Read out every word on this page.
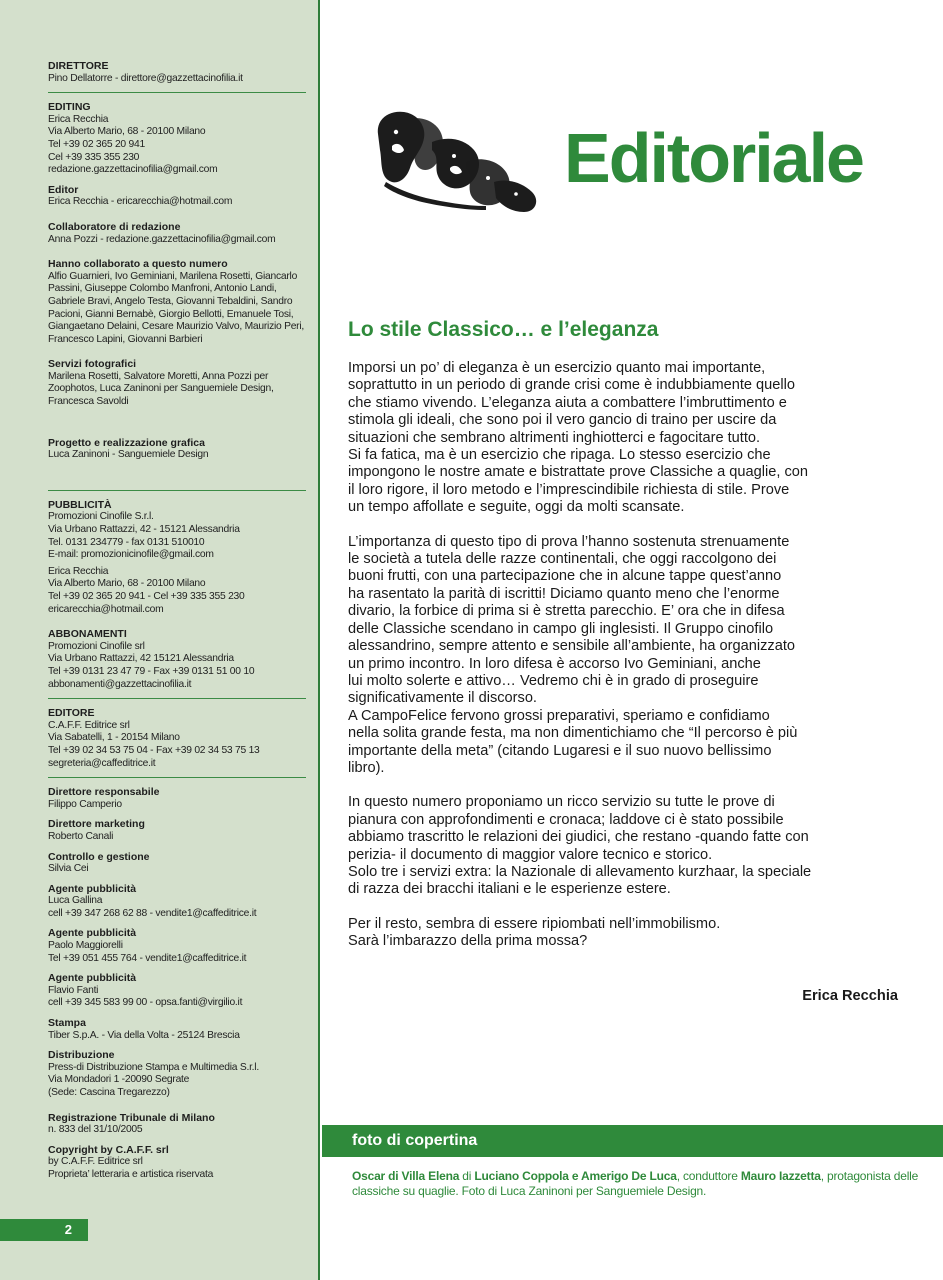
DIRETTORE
Pino Dellatorre - direttore@gazzettacinofilia.it
EDITING
Erica Recchia
Via Alberto Mario, 68 - 20100 Milano
Tel +39 02 365 20 941
Cel +39 335 355 230
redazione.gazzettacinofilia@gmail.com
Editor
Erica Recchia - ericarecchia@hotmail.com
Collaboratore di redazione
Anna Pozzi - redazione.gazzettacinofilia@gmail.com
Hanno collaborato a questo numero
Alfio Guarnieri, Ivo Geminiani, Marilena Rosetti, Giancarlo Passini, Giuseppe Colombo Manfroni, Antonio Landi, Gabriele Bravi, Angelo Testa, Giovanni Tebaldini, Sandro Pacioni, Gianni Bernabè, Giorgio Bellotti, Emanuele Tosi, Giangaetano Delaini, Cesare Maurizio Valvo, Maurizio Peri, Francesco Lapini, Giovanni Barbieri
Servizi fotografici
Marilena Rosetti, Salvatore Moretti, Anna Pozzi per Zoophotos, Luca Zaninoni per Sanguemiele Design, Francesca Savoldi
Progetto e realizzazione grafica
Luca Zaninoni - Sanguemiele Design
PUBBLICITÀ
Promozioni Cinofile S.r.l.
Via Urbano Rattazzi, 42 - 15121 Alessandria
Tel. 0131 234779 - fax 0131 510010
E-mail: promozionicinofile@gmail.com
Erica Recchia
Via Alberto Mario, 68 - 20100 Milano
Tel +39 02 365 20 941 - Cel +39 335 355 230
ericarecchia@hotmail.com
ABBONAMENTI
Promozioni Cinofile srl
Via Urbano Rattazzi, 42 15121 Alessandria
Tel +39 0131 23 47 79 - Fax +39 0131 51 00 10
abbonamenti@gazzettacinofilia.it
EDITORE
C.A.F.F. Editrice srl
Via Sabatelli, 1 - 20154 Milano
Tel +39 02 34 53 75 04 - Fax +39 02 34 53 75 13
segreteria@caffeditrice.it
Direttore responsabile
Filippo Camperio
Direttore marketing
Roberto Canali
Controllo e gestione
Silvia Cei
Agente pubblicità
Luca Gallina
cell +39 347 268 62 88 - vendite1@caffeditrice.it
Agente pubblicità
Paolo Maggiorelli
Tel +39 051 455 764 - vendite1@caffeditrice.it
Agente pubblicità
Flavio Fanti
cell +39 345 583 99 00 - opsa.fanti@virgilio.it
Stampa
Tiber S.p.A. - Via della Volta - 25124 Brescia
Distribuzione
Press-di Distribuzione Stampa e Multimedia S.r.l.
Via Mondadori 1 -20090 Segrate
(Sede: Cascina Tregarezzo)
Registrazione Tribunale di Milano
n. 833 del 31/10/2005
Copyright by C.A.F.F. srl
by C.A.F.F. Editrice srl
Proprieta’ letteraria e artistica riservata
2
Editoriale
Lo stile Classico… e l’eleganza

Imporsi un po’ di eleganza è un esercizio quanto mai importante,
soprattutto in un periodo di grande crisi come è indubbiamente quello
che stiamo vivendo. L’eleganza aiuta a combattere l’imbruttimento e
stimola gli ideali, che sono poi il vero gancio di traino per uscire da
situazioni che sembrano altrimenti inghiotterci e fagocitare tutto.
Si fa fatica, ma è un esercizio che ripaga. Lo stesso esercizio che
impongono le nostre amate e bistrattate prove Classiche a quaglie, con
il loro rigore, il loro metodo e l’imprescindibile richiesta di stile. Prove
un tempo affollate e seguite, oggi da molti scansate.

L’importanza di questo tipo di prova l’hanno sostenuta strenuamente
le società a tutela delle razze continentali, che oggi raccolgono dei
buoni frutti, con una partecipazione che in alcune tappe quest’anno
ha rasentato la parità di iscritti! Diciamo quanto meno che l’enorme
divario, la forbice di prima si è stretta parecchio. E’ ora che in difesa
delle Classiche scendano in campo gli inglesisti. Il Gruppo cinofilo
alessandrino, sempre attento e sensibile all’ambiente, ha organizzato
un primo incontro. In loro difesa è accorso Ivo Geminiani, anche
lui molto solerte e attivo… Vedremo chi è in grado di proseguire
significativamente il discorso.
A CampoFelice fervono grossi preparativi, speriamo e confidiamo
nella solita grande festa, ma non dimentichiamo che “Il percorso è più
importante della meta” (citando Lugaresi e il suo nuovo bellissimo
libro).

In questo numero proponiamo un ricco servizio su tutte le prove di
pianura con approfondimenti e cronaca; laddove ci è stato possibile
abbiamo trascritto le relazioni dei giudici, che restano -quando fatte con
perizia- il documento di maggior valore tecnico e storico.
Solo tre i servizi extra: la Nazionale di allevamento kurzhaar, la speciale
di razza dei bracchi italiani e le esperienze estere.

Per il resto, sembra di essere ripiombati nell’immobilismo.
Sarà l’imbarazzo della prima mossa?

Erica Recchia
foto di copertina
Oscar di Villa Elena di Luciano Coppola e Amerigo De Luca, conduttore Mauro Iazzetta, protagonista delle classiche su quaglie. Foto di Luca Zaninoni per Sanguemiele Design.
